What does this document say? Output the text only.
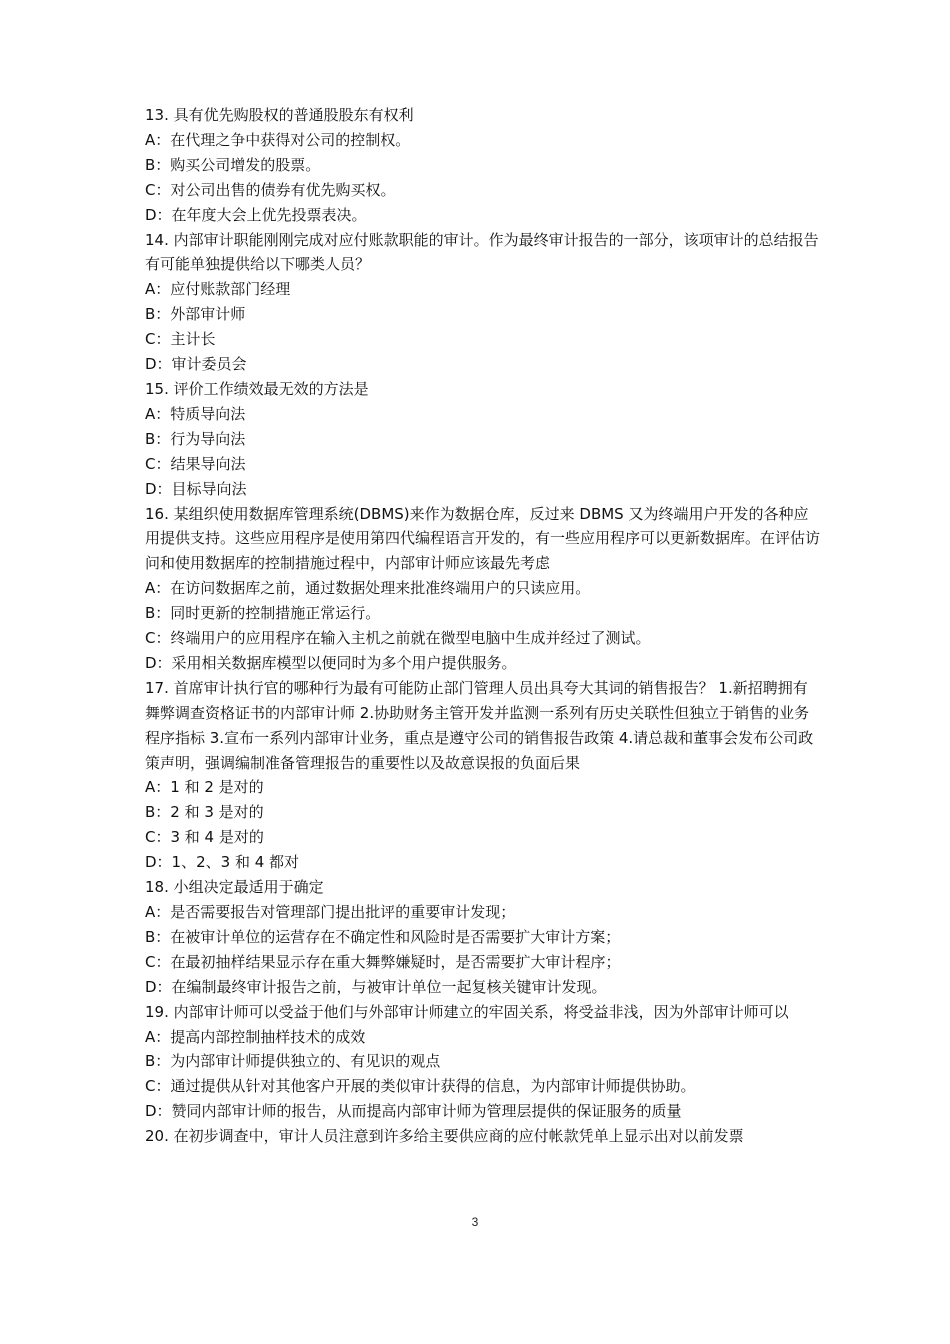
13. 具有优先购股权的普通股股东有权利

A：在代理之争中获得对公司的控制权。

B：购买公司增发的股票。

C：对公司出售的债券有优先购买权。

D：在年度大会上优先投票表决。

14. 内部审计职能刚刚完成对应付账款职能的审计。作为最终审计报告的一部分，该项审计的总结报告有可能单独提供给以下哪类人员？

A：应付账款部门经理

B：外部审计师

C：主计长

D：审计委员会

15. 评价工作绩效最无效的方法是

A：特质导向法

B：行为导向法

C：结果导向法

D：目标导向法

16. 某组织使用数据库管理系统(DBMS)来作为数据仓库，反过来 DBMS 又为终端用户开发的各种应用提供支持。这些应用程序是使用第四代编程语言开发的，有一些应用程序可以更新数据库。在评估访问和使用数据库的控制措施过程中，内部审计师应该最先考虑

A：在访问数据库之前，通过数据处理来批准终端用户的只读应用。

B：同时更新的控制措施正常运行。

C：终端用户的应用程序在输入主机之前就在微型电脑中生成并经过了测试。

D：采用相关数据库模型以便同时为多个用户提供服务。

17. 首席审计执行官的哪种行为最有可能防止部门管理人员出具夸大其词的销售报告？ 1.新招聘拥有舞弊调查资格证书的内部审计师 2.协助财务主管开发并监测一系列有历史关联性但独立于销售的业务程序指标 3.宣布一系列内部审计业务，重点是遵守公司的销售报告政策 4.请总裁和董事会发布公司政策声明，强调编制准备管理报告的重要性以及故意误报的负面后果

A：1 和 2 是对的

B：2 和 3 是对的

C：3 和 4 是对的

D：1、2、3 和 4 都对

18. 小组决定最适用于确定

A：是否需要报告对管理部门提出批评的重要审计发现；

B：在被审计单位的运营存在不确定性和风险时是否需要扩大审计方案；

C：在最初抽样结果显示存在重大舞弊嫌疑时，是否需要扩大审计程序；

D：在编制最终审计报告之前，与被审计单位一起复核关键审计发现。

19. 内部审计师可以受益于他们与外部审计师建立的牢固关系，将受益非浅，因为外部审计师可以

A：提高内部控制抽样技术的成效

B：为内部审计师提供独立的、有见识的观点

C：通过提供从针对其他客户开展的类似审计获得的信息，为内部审计师提供协助。

D：赞同内部审计师的报告，从而提高内部审计师为管理层提供的保证服务的质量

20. 在初步调查中，审计人员注意到许多给主要供应商的应付帐款凭单上显示出对以前发票

3
